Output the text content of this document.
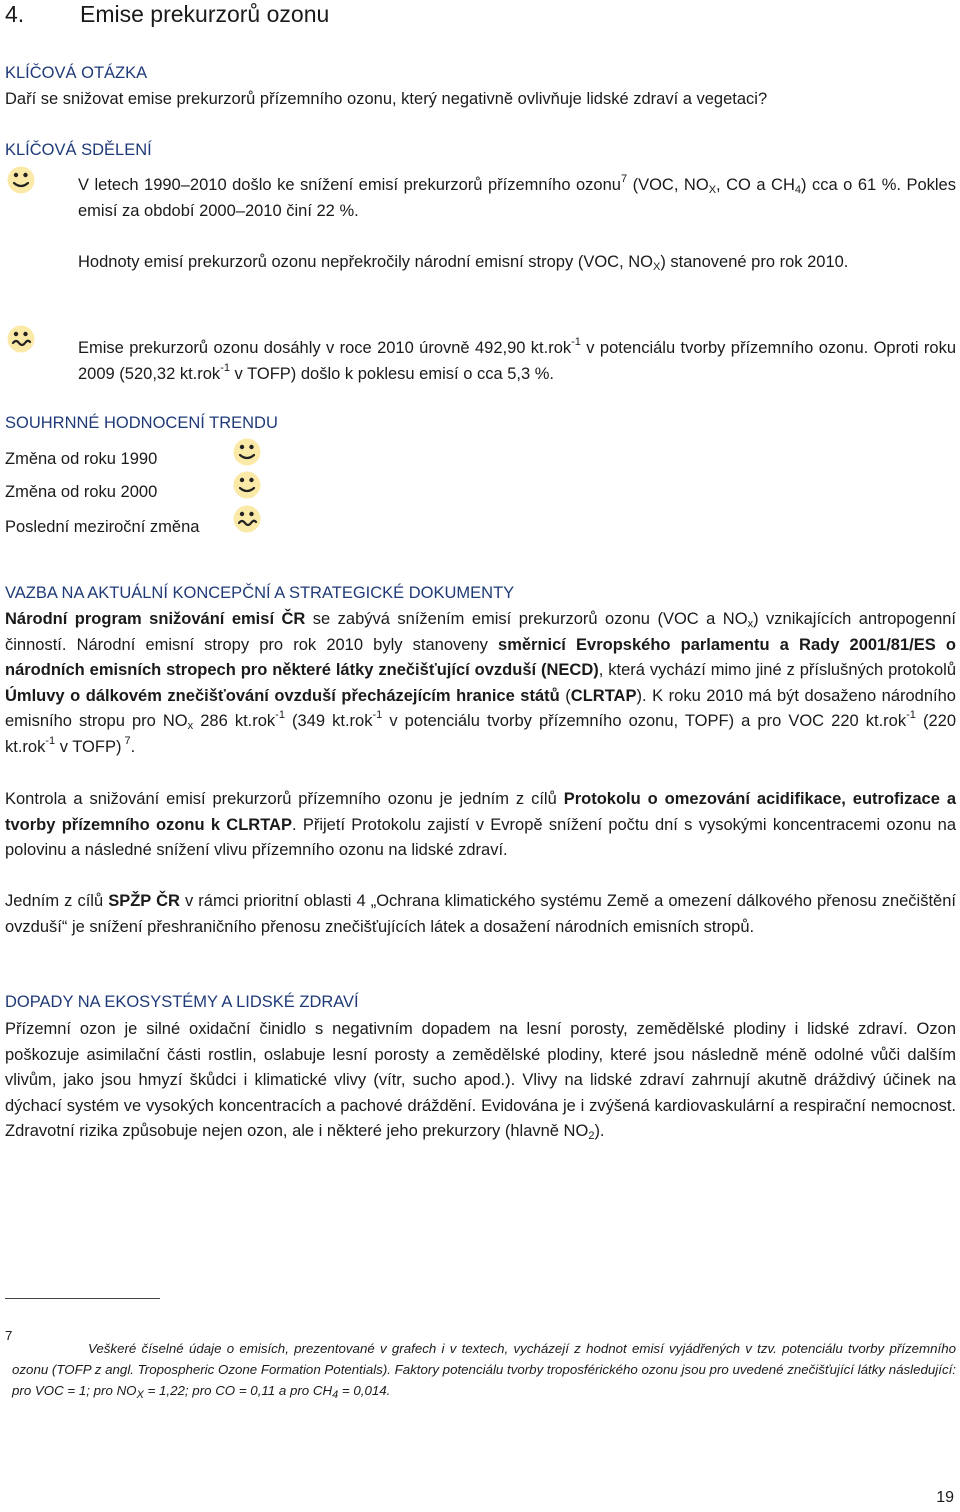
4. Emise prekurzorů ozonu
KLÍČOVÁ OTÁZKA
Daří se snižovat emise prekurzorů přízemního ozonu, který negativně ovlivňuje lidské zdraví a vegetaci?
KLÍČOVÁ SDĚLENÍ
V letech 1990–2010 došlo ke snížení emisí prekurzorů přízemního ozonu$^7$ (VOC, $NO_X$, CO a $CH_4$) cca o 61 %. Pokles emisí za období 2000–2010 činí 22 %.
Hodnoty emisí prekurzorů ozonu nepřekročily národní emisní stropy (VOC, $NO_X$) stanovené pro rok 2010.
Emise prekurzorů ozonu dosáhly v roce 2010 úrovně 492,90 kt.rok$^{-1}$ v potenciálu tvorby přízemního ozonu. Oproti roku 2009 (520,32 kt.rok$^{-1}$ v TOFP) došlo k poklesu emisí o cca 5,3 %.
SOUHRNNÉ HODNOCENÍ TRENDU
Změna od roku 1990
Změna od roku 2000
Poslední meziroční změna
VAZBA NA AKTUÁLNÍ KONCEPČNÍ A STRATEGICKÉ DOKUMENTY
Národní program snižování emisí ČR se zabývá snížením emisí prekurzorů ozonu (VOC a $NO_x$) vznikajících antropogenní činností. Národní emisní stropy pro rok 2010 byly stanoveny směrnicí Evropského parlamentu a Rady 2001/81/ES o národních emisních stropech pro některé látky znečišťující ovzduší (NECD), která vychází mimo jiné z příslušných protokolů Úmluvy o dálkovém znečišťování ovzduší přecházejícím hranice států (CLRTAP). K roku 2010 má být dosaženo národního emisního stropu pro $NO_x$ 286 kt.rok$^{-1}$ (349 kt.rok$^{-1}$ v potenciálu tvorby přízemního ozonu, TOPF) a pro VOC 220 kt.rok$^{-1}$ (220 kt.rok$^{-1}$ v TOFP) $^7$.
Kontrola a snižování emisí prekurzorů přízemního ozonu je jedním z cílů Protokolu o omezování acidifikace, eutrofizace a tvorby přízemního ozonu k CLRTAP. Přijetí Protokolu zajistí v Evropě snížení počtu dní s vysokými koncentracemi ozonu na polovinu a následné snížení vlivu přízemního ozonu na lidské zdraví.
Jedním z cílů SPŽP ČR v rámci prioritní oblasti 4 „Ochrana klimatického systému Země a omezení dálkového přenosu znečištění ovzduší“ je snížení přeshraničního přenosu znečišťujících látek a dosažení národních emisních stropů.
DOPADY NA EKOSYSTÉMY A LIDSKÉ ZDRAVÍ
Přízemní ozon je silné oxidační činidlo s negativním dopadem na lesní porosty, zemědělské plodiny i lidské zdraví. Ozon poškozuje asimilační části rostlin, oslabuje lesní porosty a zemědělské plodiny, které jsou následně méně odolné vůči dalším vlivům, jako jsou hmyzí škůdci i klimatické vlivy (vítr, sucho apod.). Vlivy na lidské zdraví zahrnují akutně dráždivý účinek na dýchací systém ve vysokých koncentracích a pachové dráždění. Evidována je i zvýšená kardiovaskulární a respirační nemocnost. Zdravotní rizika způsobuje nejen ozon, ale i některé jeho prekurzory (hlavně $NO_2$).
7
Veškeré číselné údaje o emisích, prezentované v grafech i v textech, vycházejí z hodnot emisí vyjádřených v tzv. potenciálu tvorby přízemního ozonu (TOFP z angl. Tropospheric Ozone Formation Potentials). Faktory potenciálu tvorby troposférického ozonu jsou pro uvedené znečišťující látky následující: pro VOC = 1; pro $NO_X = 1,22$; pro CO = 0,11 a pro $CH_4 = 0,014$.
19
